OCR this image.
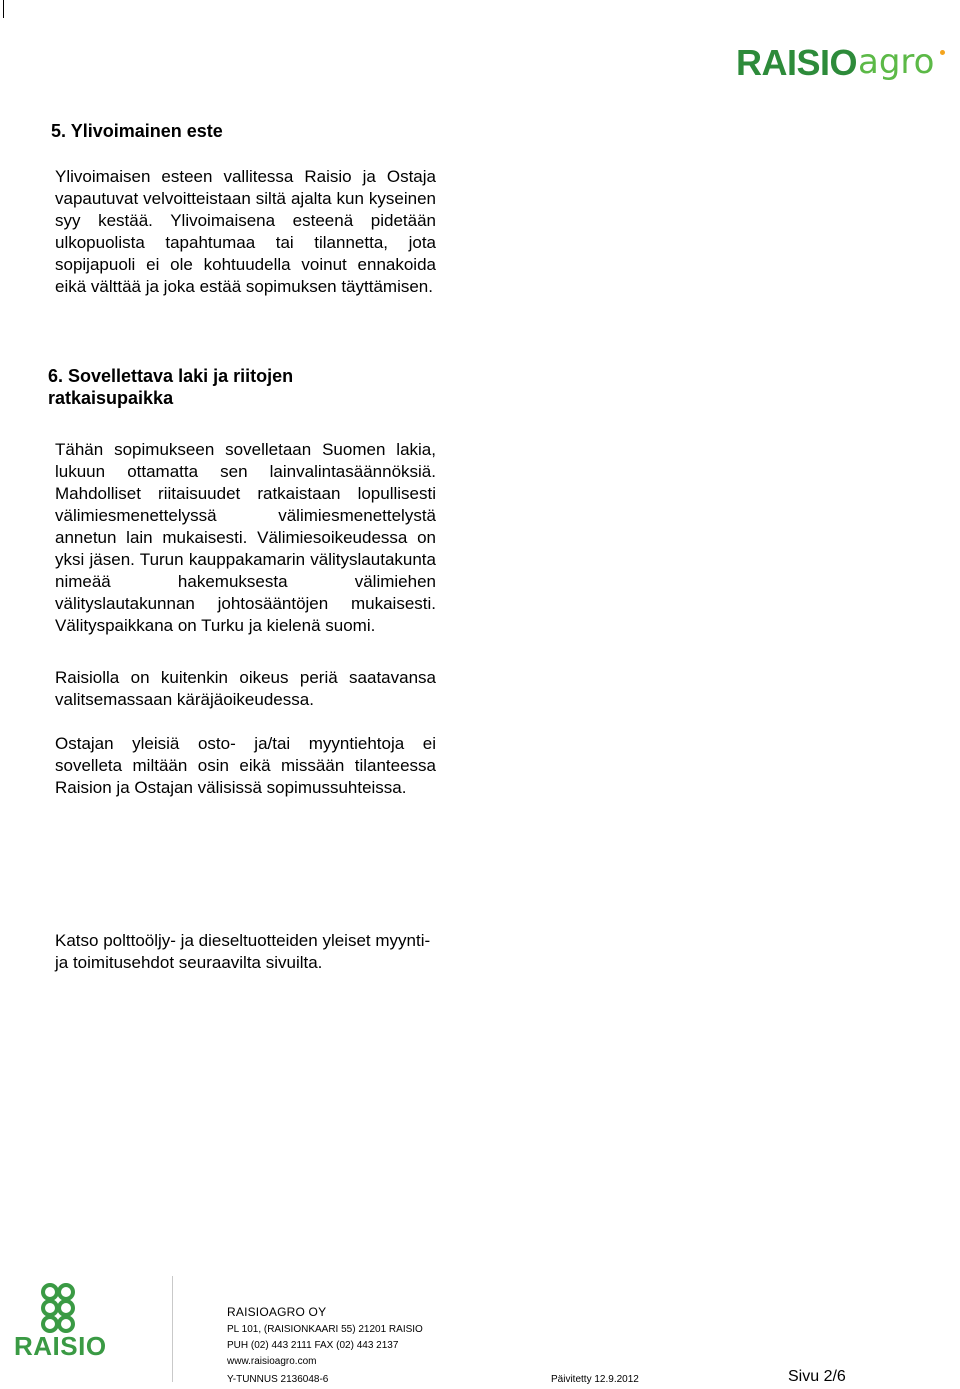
RAISIO agro
5. Ylivoimainen este

Ylivoimaisen esteen vallitessa Raisio ja Ostaja vapautuvat velvoitteistaan siltä ajalta kun kyseinen syy kestää. Ylivoimaisena esteenä pidetään ulkopuolista tapahtumaa tai tilannetta, jota sopijapuoli ei ole kohtuudella voinut ennakoida eikä välttää ja joka estää sopimuksen täyttämisen.

6. Sovellettava laki ja riitojen
ratkaisupaikka

Tähän sopimukseen sovelletaan Suomen lakia, lukuun ottamatta sen lainvalintasäännöksiä. Mahdolliset riitaisuudet ratkaistaan lopullisesti välimiesmenettelyssä välimiesmenettelystä annetun lain mukaisesti. Välimiesoikeudessa on yksi jäsen. Turun kauppakamarin välityslautakunta nimeää hakemuksesta välimiehen välityslautakunnan johtosääntöjen mukaisesti. Välityspaikkana on Turku ja kielenä suomi.

Raisiolla on kuitenkin oikeus periä saatavansa valitsemassaan käräjäoikeudessa.

Ostajan yleisiä osto- ja/tai myyntiehtoja ei sovelleta miltään osin eikä missään tilanteessa Raision ja Ostajan välisissä sopimussuhteissa.

Katso polttoöljy- ja dieseltuotteiden yleiset myynti- ja toimitusehdot seuraavilta sivuilta.

RAISIO
RAISIOAGRO OY
PL 101, (RAISIONKAARI 55) 21201 RAISIO
PUH (02) 443 2111 FAX (02) 443 2137
www.raisioagro.com
Y-TUNNUS 2136048-6	Päivitetty 12.9.2012	Sivu 2/6
